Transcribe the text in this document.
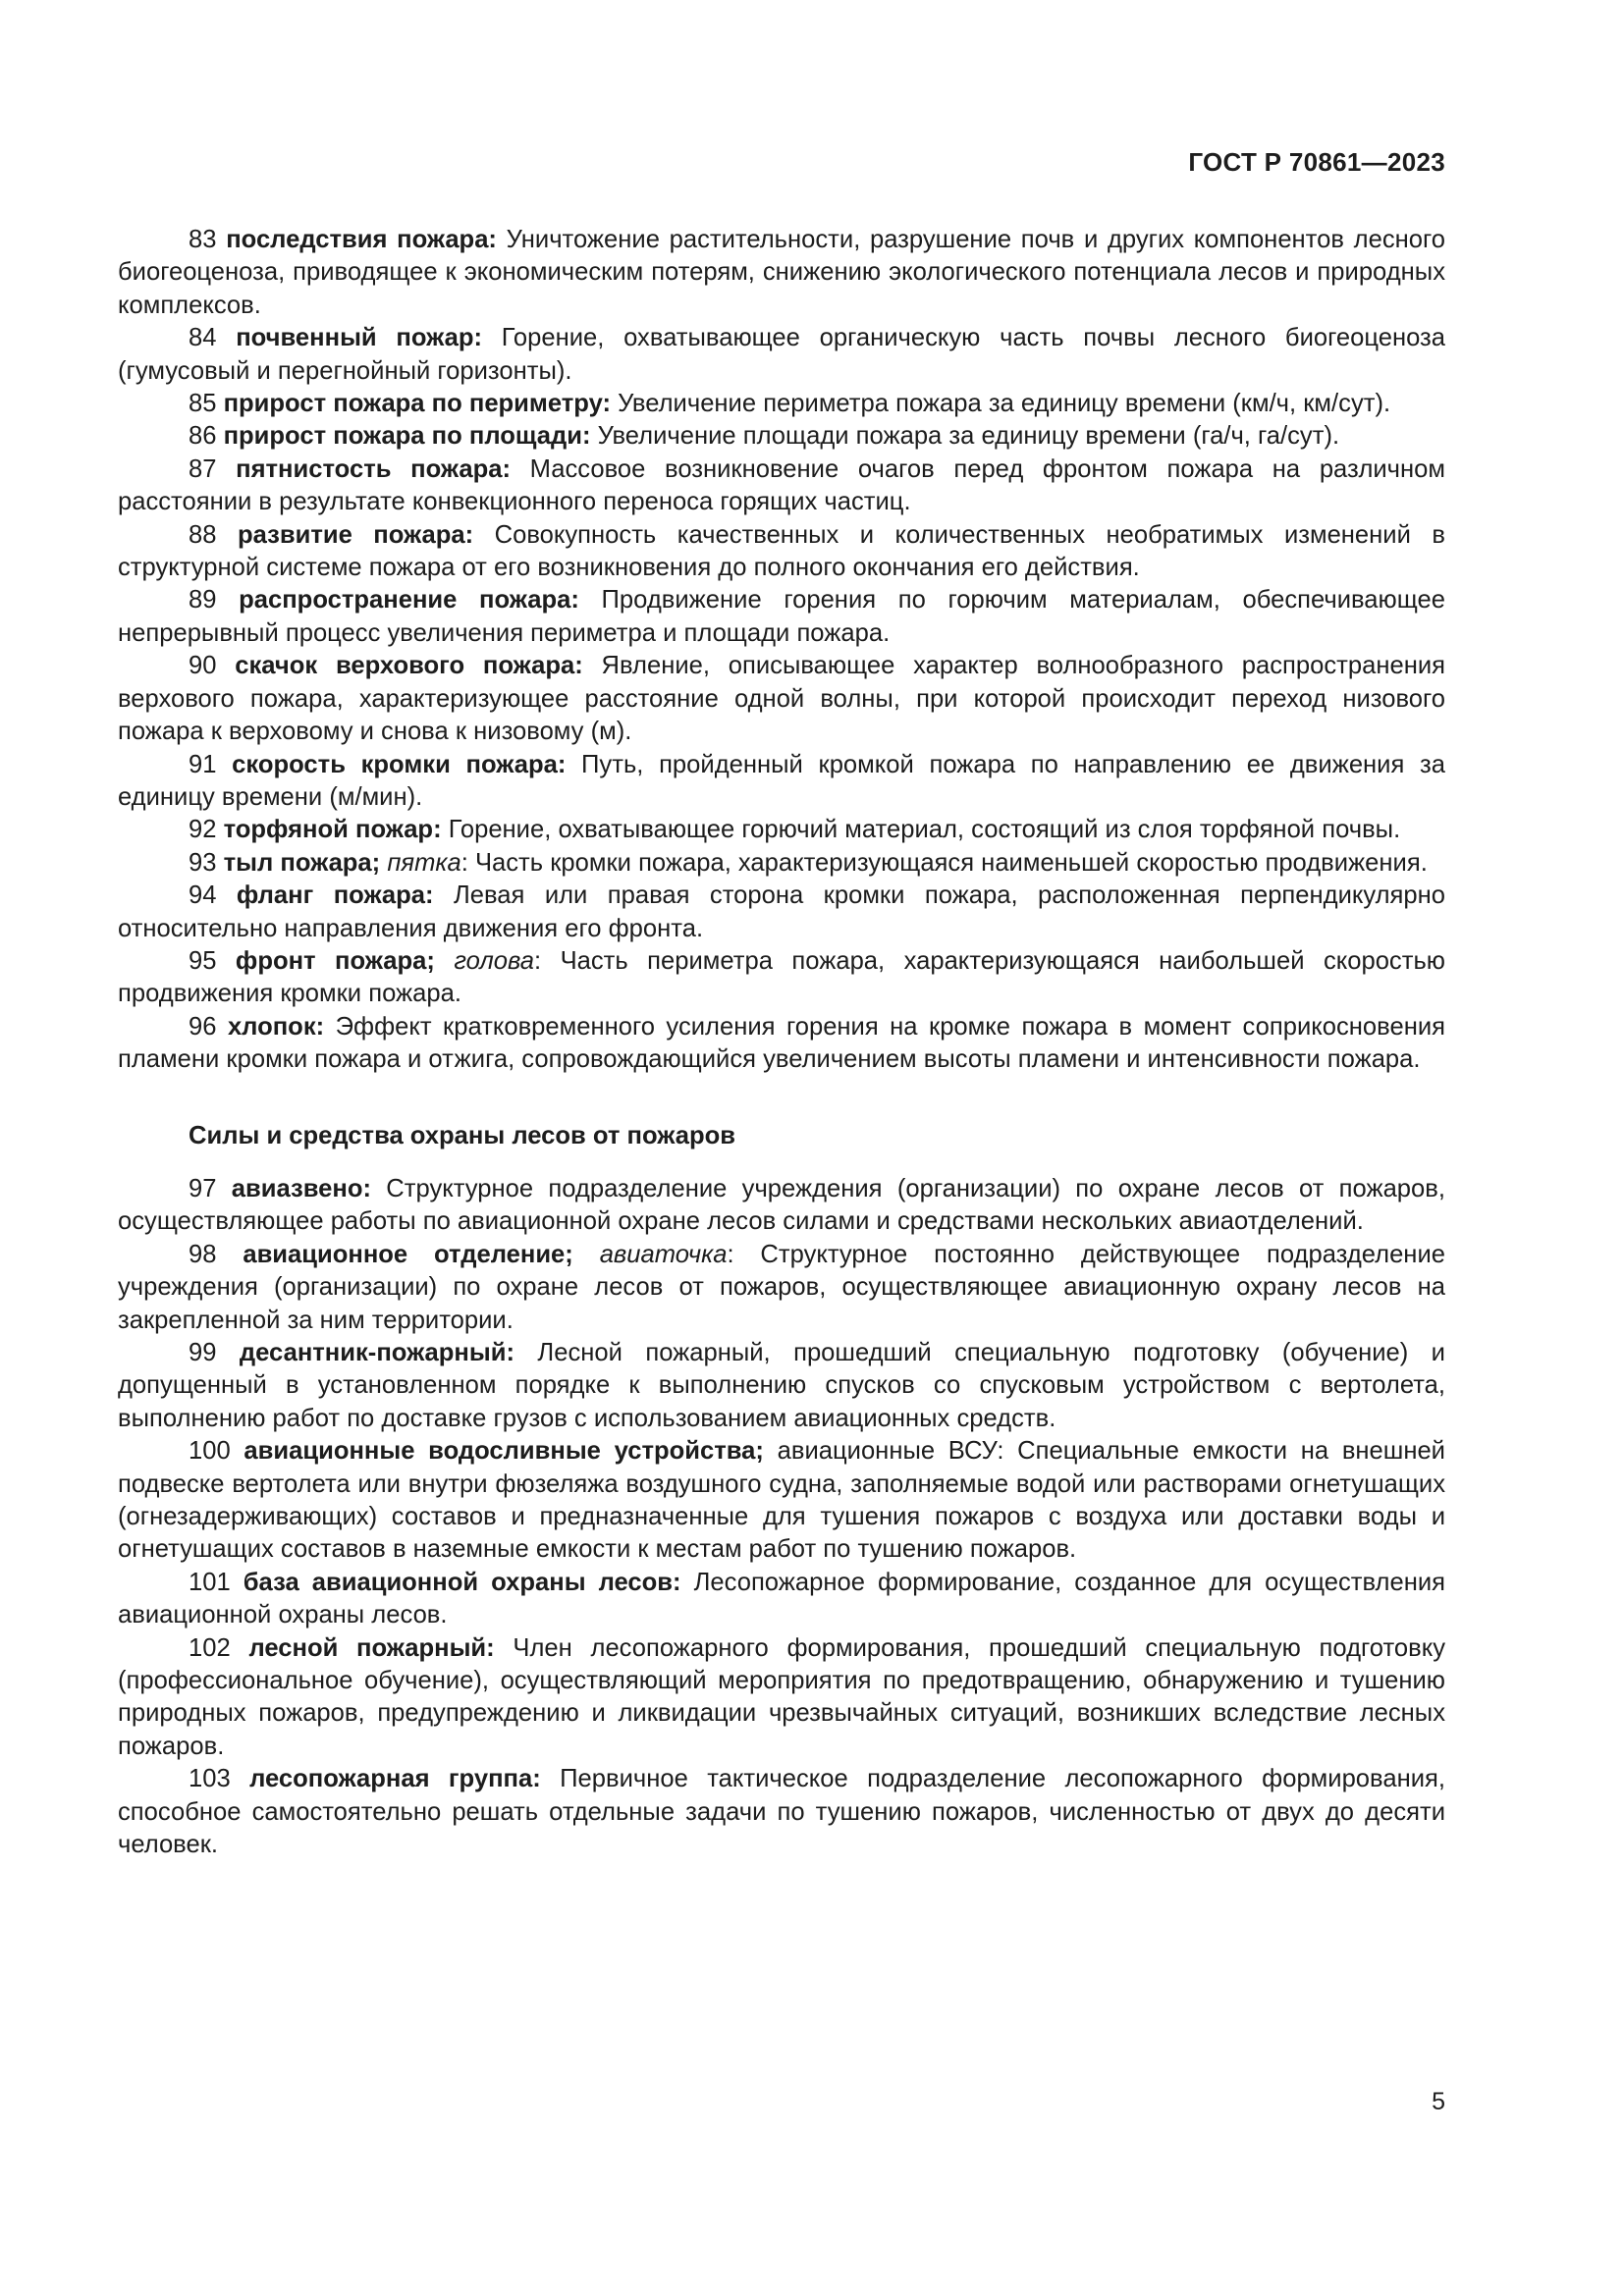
ГОСТ Р 70861—2023

83 последствия пожара: Уничтожение растительности, разрушение почв и других компонентов лесного биогеоценоза, приводящее к экономическим потерям, снижению экологического потенциала лесов и природных комплексов.

84 почвенный пожар: Горение, охватывающее органическую часть почвы лесного биогеоценоза (гумусовый и перегнойный горизонты).

85 прирост пожара по периметру: Увеличение периметра пожара за единицу времени (км/ч, км/сут).

86 прирост пожара по площади: Увеличение площади пожара за единицу времени (га/ч, га/сут).

87 пятнистость пожара: Массовое возникновение очагов перед фронтом пожара на различном расстоянии в результате конвекционного переноса горящих частиц.

88 развитие пожара: Совокупность качественных и количественных необратимых изменений в структурной системе пожара от его возникновения до полного окончания его действия.

89 распространение пожара: Продвижение горения по горючим материалам, обеспечивающее непрерывный процесс увеличения периметра и площади пожара.

90 скачок верхового пожара: Явление, описывающее характер волнообразного распространения верхового пожара, характеризующее расстояние одной волны, при которой происходит переход низового пожара к верховому и снова к низовому (м).

91 скорость кромки пожара: Путь, пройденный кромкой пожара по направлению ее движения за единицу времени (м/мин).

92 торфяной пожар: Горение, охватывающее горючий материал, состоящий из слоя торфяной почвы.

93 тыл пожара; пятка: Часть кромки пожара, характеризующаяся наименьшей скоростью продвижения.

94 фланг пожара: Левая или правая сторона кромки пожара, расположенная перпендикулярно относительно направления движения его фронта.

95 фронт пожара; голова: Часть периметра пожара, характеризующаяся наибольшей скоростью продвижения кромки пожара.

96 хлопок: Эффект кратковременного усиления горения на кромке пожара в момент соприкосновения пламени кромки пожара и отжига, сопровождающийся увеличением высоты пламени и интенсивности пожара.

Силы и средства охраны лесов от пожаров

97 авиазвено: Структурное подразделение учреждения (организации) по охране лесов от пожаров, осуществляющее работы по авиационной охране лесов силами и средствами нескольких авиаотделений.

98 авиационное отделение; авиаточка: Структурное постоянно действующее подразделение учреждения (организации) по охране лесов от пожаров, осуществляющее авиационную охрану лесов на закрепленной за ним территории.

99 десантник-пожарный: Лесной пожарный, прошедший специальную подготовку (обучение) и допущенный в установленном порядке к выполнению спусков со спусковым устройством с вертолета, выполнению работ по доставке грузов с использованием авиационных средств.

100 авиационные водосливные устройства; авиационные ВСУ: Специальные емкости на внешней подвеске вертолета или внутри фюзеляжа воздушного судна, заполняемые водой или растворами огнетушащих (огнезадерживающих) составов и предназначенные для тушения пожаров с воздуха или доставки воды и огнетушащих составов в наземные емкости к местам работ по тушению пожаров.

101 база авиационной охраны лесов: Лесопожарное формирование, созданное для осуществления авиационной охраны лесов.

102 лесной пожарный: Член лесопожарного формирования, прошедший специальную подготовку (профессиональное обучение), осуществляющий мероприятия по предотвращению, обнаружению и тушению природных пожаров, предупреждению и ликвидации чрезвычайных ситуаций, возникших вследствие лесных пожаров.

103 лесопожарная группа: Первичное тактическое подразделение лесопожарного формирования, способное самостоятельно решать отдельные задачи по тушению пожаров, численностью от двух до десяти человек.

5
